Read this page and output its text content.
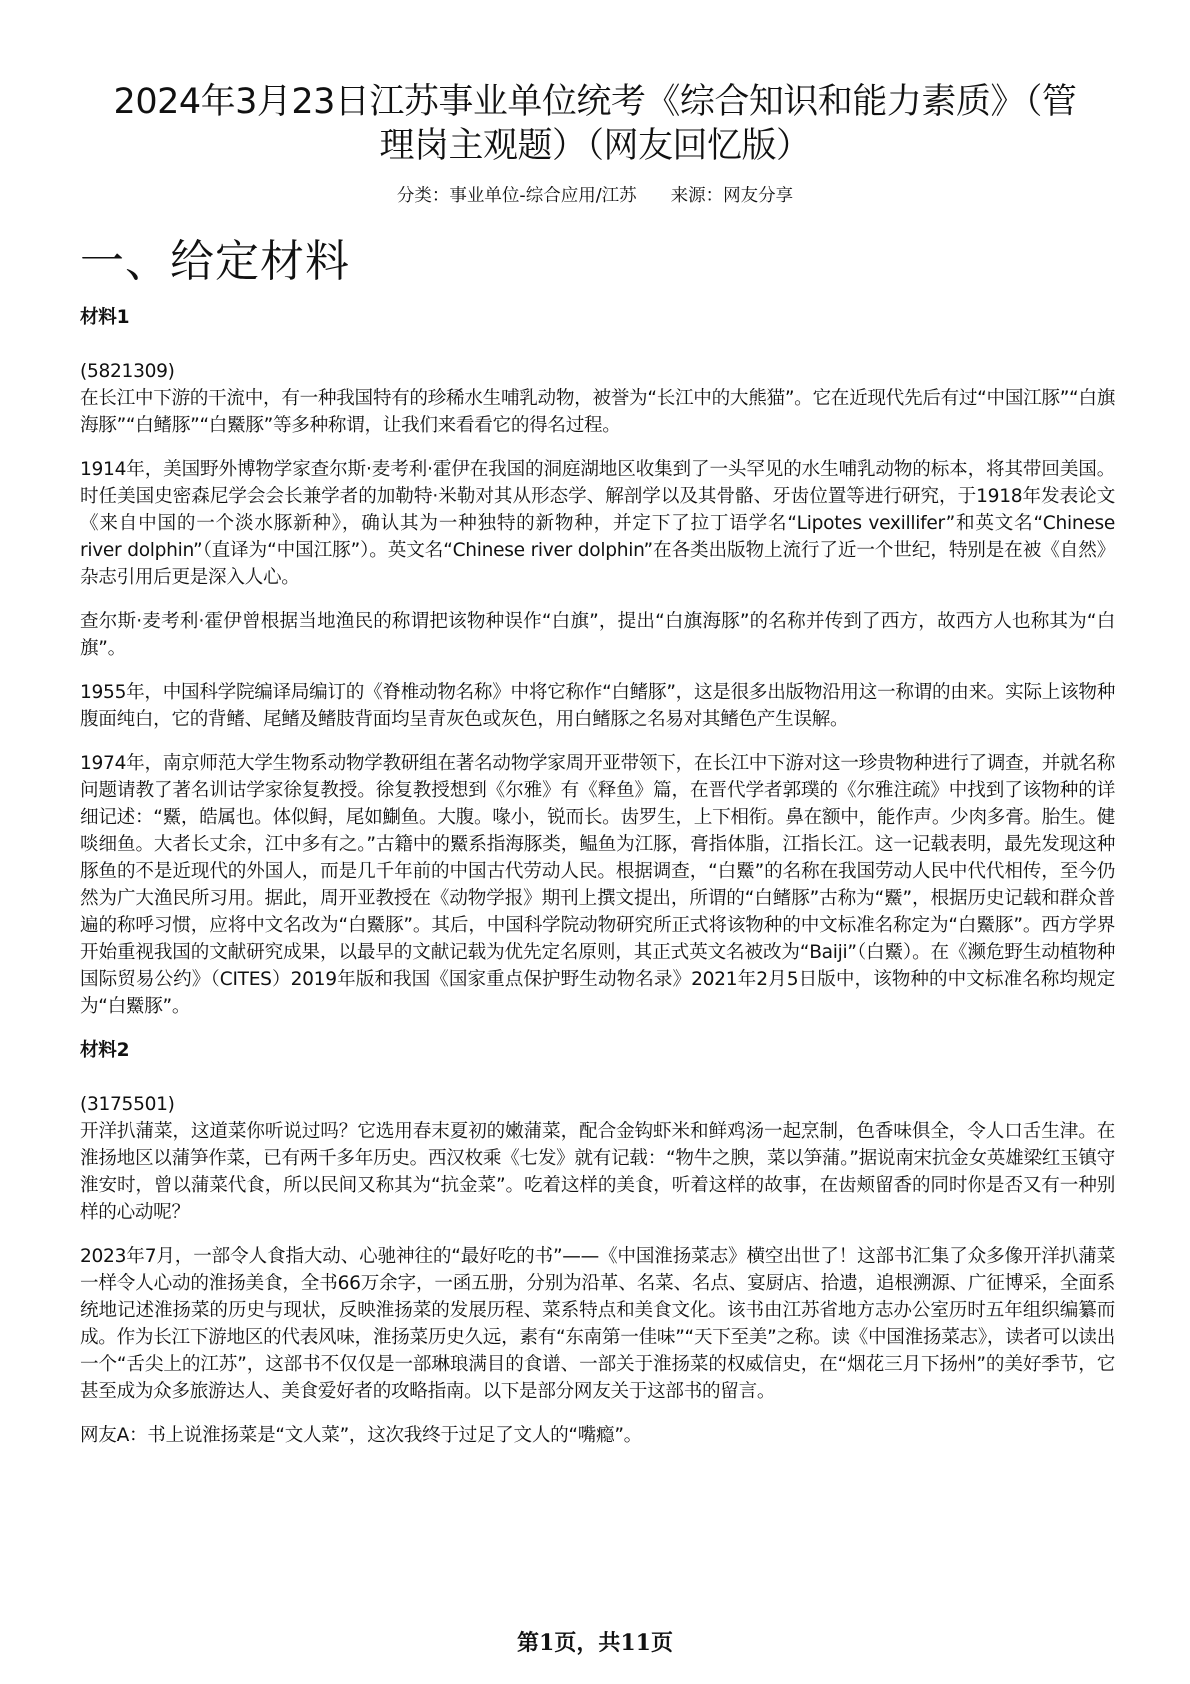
2024年3月23日江苏事业单位统考《综合知识和能力素质》（管
理岗主观题）（网友回忆版）
分类：事业单位-综合应用/江苏 来源：网友分享
一、给定材料

材料1

(5821309)

在长江中下游的干流中，有一种我国特有的珍稀水生哺乳动物，被誉为“长江中的大熊猫”。它在近现代先后有过“中国江豚”“白旗海豚”“白鳍豚”“白鱀豚”等多种称谓，让我们来看看它的得名过程。

1914年，美国野外博物学家查尔斯·麦考利·霍伊在我国的洞庭湖地区收集到了一头罕见的水生哺乳动物的标本，将其带回美国。时任美国史密森尼学会会长兼学者的加勒特·米勒对其从形态学、解剖学以及其骨骼、牙齿位置等进行研究，于1918年发表论文《来自中国的一个淡水豚新种》，确认其为一种独特的新物种，并定下了拉丁语学名“Lipotes vexillifer”和英文名“Chinese river dolphin”（直译为“中国江豚”）。英文名“Chinese river dolphin”在各类出版物上流行了近一个世纪，特别是在被《自然》杂志引用后更是深入人心。

查尔斯·麦考利·霍伊曾根据当地渔民的称谓把该物种误作“白旗”，提出“白旗海豚”的名称并传到了西方，故西方人也称其为“白旗”。

1955年，中国科学院编译局编订的《脊椎动物名称》中将它称作“白鳍豚”，这是很多出版物沿用这一称谓的由来。实际上该物种腹面纯白，它的背鳍、尾鳍及鳍肢背面均呈青灰色或灰色，用白鳍豚之名易对其鳍色产生误解。

1974年，南京师范大学生物系动物学教研组在著名动物学家周开亚带领下，在长江中下游对这一珍贵物种进行了调查，并就名称问题请教了著名训诂学家徐复教授。徐复教授想到《尔雅》有《释鱼》篇，在晋代学者郭璞的《尔雅注疏》中找到了该物种的详细记述：“鱀，皓属也。体似鲟，尾如鯯鱼。大腹。喙小，锐而长。齿罗生，上下相衔。鼻在额中，能作声。少肉多膏。胎生。健啖细鱼。大者长丈余，江中多有之。”古籍中的鱀系指海豚类，鳁鱼为江豚，膏指体脂，江指长江。这一记载表明，最先发现这种豚鱼的不是近现代的外国人，而是几千年前的中国古代劳动人民。根据调查，“白鱀”的名称在我国劳动人民中代代相传，至今仍然为广大渔民所习用。据此，周开亚教授在《动物学报》期刊上撰文提出，所谓的“白鳍豚”古称为“鱀”，根据历史记载和群众普遍的称呼习惯，应将中文名改为“白鱀豚”。其后，中国科学院动物研究所正式将该物种的中文标准名称定为“白鱀豚”。西方学界开始重视我国的文献研究成果，以最早的文献记载为优先定名原则，其正式英文名被改为“Baiji”（白鱀）。在《濒危野生动植物种国际贸易公约》（CITES）2019年版和我国《国家重点保护野生动物名录》2021年2月5日版中，该物种的中文标准名称均规定为“白鱀豚”。

材料2

(3175501)

开洋扒蒲菜，这道菜你听说过吗？它选用春末夏初的嫩蒲菜，配合金钩虾米和鲜鸡汤一起烹制，色香味俱全，令人口舌生津。在淮扬地区以蒲笋作菜，已有两千多年历史。西汉枚乘《七发》就有记载：“物牛之腴，菜以笋蒲。”据说南宋抗金女英雄梁红玉镇守淮安时，曾以蒲菜代食，所以民间又称其为“抗金菜”。吃着这样的美食，听着这样的故事，在齿颊留香的同时你是否又有一种别样的心动呢？

2023年7月，一部令人食指大动、心驰神往的“最好吃的书”——《中国淮扬菜志》横空出世了！这部书汇集了众多像开洋扒蒲菜一样令人心动的淮扬美食，全书66万余字，一函五册，分别为沿革、名菜、名点、宴厨店、拾遗，追根溯源、广征博采，全面系统地记述淮扬菜的历史与现状，反映淮扬菜的发展历程、菜系特点和美食文化。该书由江苏省地方志办公室历时五年组织编纂而成。作为长江下游地区的代表风味，淮扬菜历史久远，素有“东南第一佳味”“天下至美”之称。读《中国淮扬菜志》，读者可以读出一个“舌尖上的江苏”，这部书不仅仅是一部琳琅满目的食谱、一部关于淮扬菜的权威信史，在“烟花三月下扬州”的美好季节，它甚至成为众多旅游达人、美食爱好者的攻略指南。以下是部分网友关于这部书的留言。

网友A：书上说淮扬菜是“文人菜”，这次我终于过足了文人的“嘴瘾”。

第1页，共11页
